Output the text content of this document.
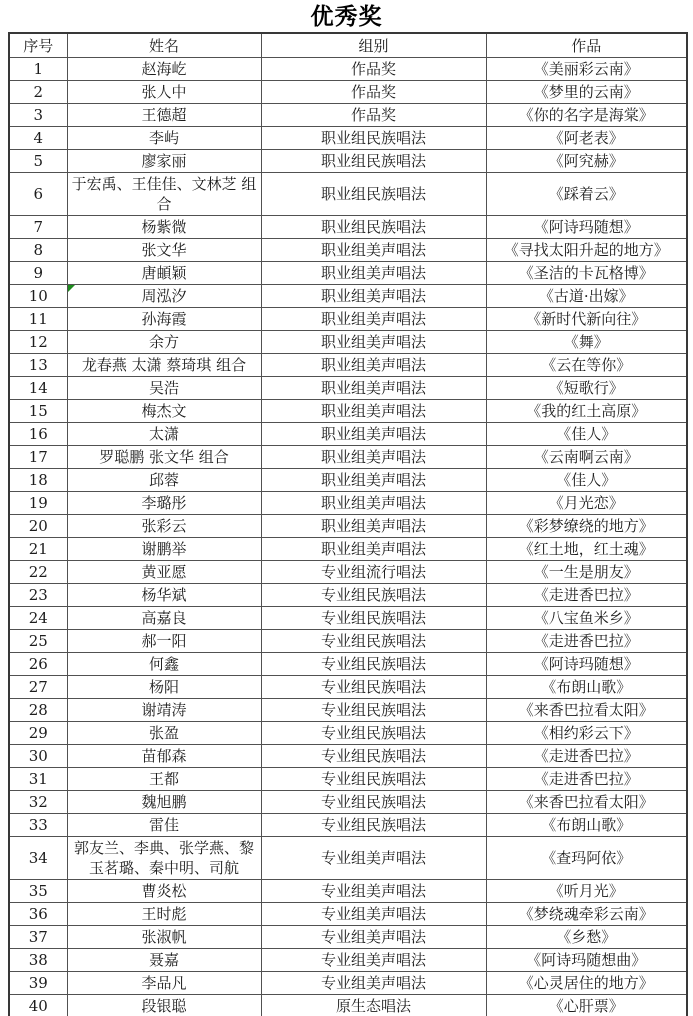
优秀奖
序号	姓名	组别	作品
1	赵海屹	作品奖	《美丽彩云南》
2	张人中	作品奖	《梦里的云南》
3	王德超	作品奖	《你的名字是海棠》
4	李屿	职业组民族唱法	《阿老表》
5	廖家丽	职业组民族唱法	《阿究赫》
6	于宏禹、王佳佳、文林芝 组合	职业组民族唱法	《踩着云》
7	杨紫微	职业组民族唱法	《阿诗玛随想》
8	张文华	职业组美声唱法	《寻找太阳升起的地方》
9	唐頔颖	职业组美声唱法	《圣洁的卡瓦格博》
10	周泓汐	职业组美声唱法	《古道·出嫁》
11	孙海霞	职业组美声唱法	《新时代新向往》
12	余方	职业组美声唱法	《舞》
13	龙春燕 太潇 蔡琦琪 组合	职业组美声唱法	《云在等你》
14	吴浩	职业组美声唱法	《短歌行》
15	梅杰文	职业组美声唱法	《我的红土高原》
16	太潇	职业组美声唱法	《佳人》
17	罗聪鹏 张文华 组合	职业组美声唱法	《云南啊云南》
18	邱蓉	职业组美声唱法	《佳人》
19	李璐彤	职业组美声唱法	《月光恋》
20	张彩云	职业组美声唱法	《彩梦缭绕的地方》
21	谢鹏举	职业组美声唱法	《红土地，红土魂》
22	黄亚愿	专业组流行唱法	《一生是朋友》
23	杨华斌	专业组民族唱法	《走进香巴拉》
24	高嘉良	专业组民族唱法	《八宝鱼米乡》
25	郝一阳	专业组民族唱法	《走进香巴拉》
26	何鑫	专业组民族唱法	《阿诗玛随想》
27	杨阳	专业组民族唱法	《布朗山歌》
28	谢靖涛	专业组民族唱法	《来香巴拉看太阳》
29	张盈	专业组民族唱法	《相约彩云下》
30	苗郁森	专业组民族唱法	《走进香巴拉》
31	王都	专业组民族唱法	《走进香巴拉》
32	魏旭鹏	专业组民族唱法	《来香巴拉看太阳》
33	雷佳	专业组民族唱法	《布朗山歌》
34	郭友兰、李典、张学燕、黎玉茗璐、秦中明、司航	专业组美声唱法	《查玛阿依》
35	曹炎松	专业组美声唱法	《听月光》
36	王时彪	专业组美声唱法	《梦绕魂牵彩云南》
37	张淑帆	专业组美声唱法	《乡愁》
38	聂嘉	专业组美声唱法	《阿诗玛随想曲》
39	李品凡	专业组美声唱法	《心灵居住的地方》
40	段银聪	原生态唱法	《心肝票》
